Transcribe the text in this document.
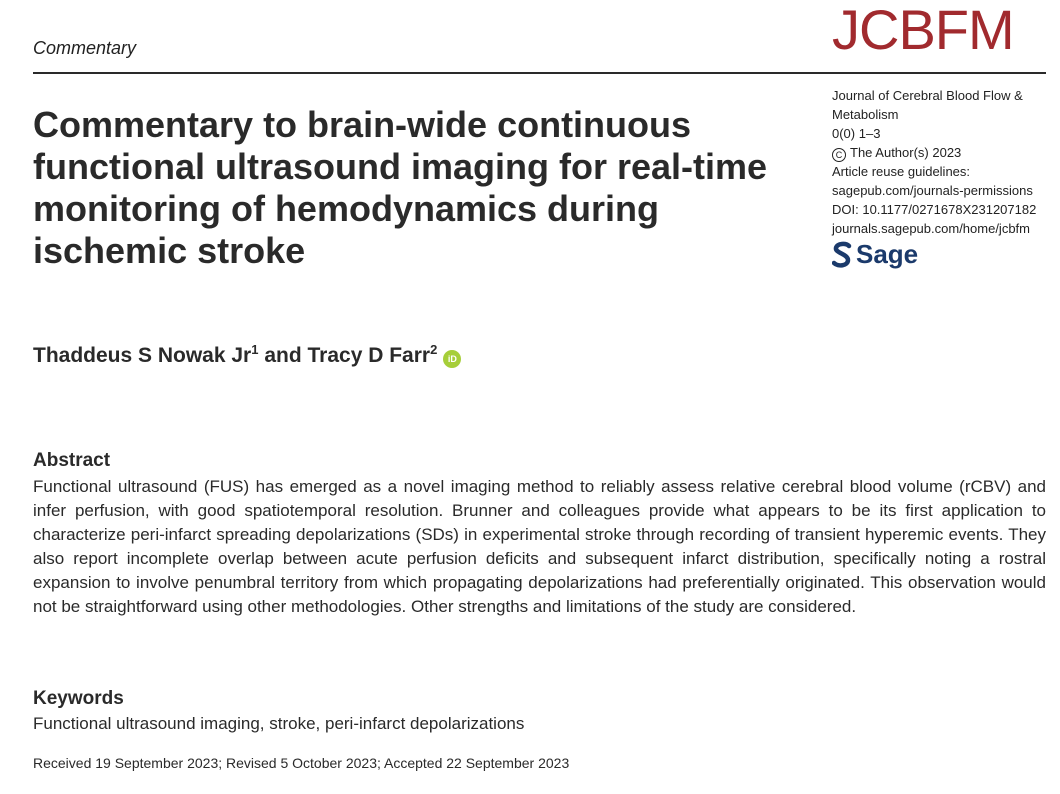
Commentary	JCBFM
Journal of Cerebral Blood Flow & Metabolism
0(0) 1–3
C The Author(s) 2023
Article reuse guidelines:
sagepub.com/journals-permissions
DOI: 10.1177/0271678X231207182
journals.sagepub.com/home/jcbfm
Sage
Commentary to brain-wide continuous functional ultrasound imaging for real-time monitoring of hemodynamics during ischemic stroke
Thaddeus S Nowak Jr$^1$
and
Tracy D Farr$^2$
iD
Abstract

Functional ultrasound (FUS) has emerged as a novel imaging method to reliably assess relative cerebral blood volume (rCBV) and infer perfusion, with good spatiotemporal resolution. Brunner and colleagues provide what appears to be its first application to characterize peri-infarct spreading depolarizations (SDs) in experimental stroke through recording of transient hyperemic events. They also report incomplete overlap between acute perfusion deficits and subsequent infarct distribution, specifically noting a rostral expansion to involve penumbral territory from which propagating depolarizations had preferentially originated. This observation would not be straightforward using other methodologies. Other strengths and limitations of the study are considered.

Keywords
Functional ultrasound imaging, stroke, peri-infarct depolarizations
Received 19 September 2023; Revised 5 October 2023; Accepted 22 September 2023
